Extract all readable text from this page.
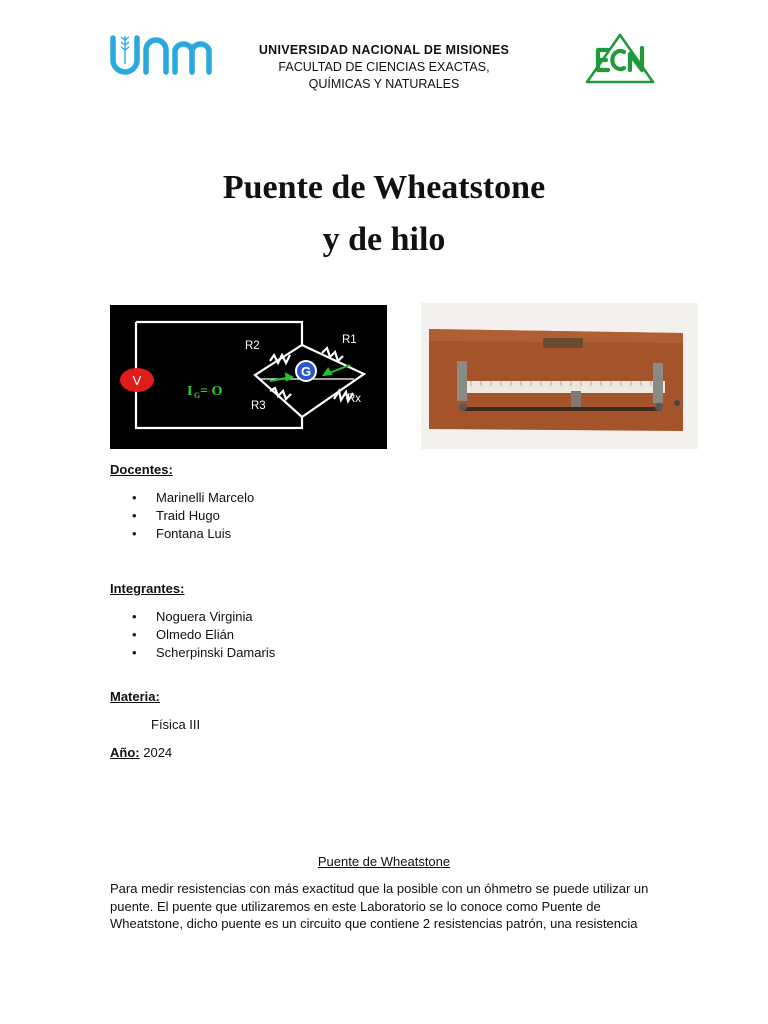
UNIVERSIDAD NACIONAL DE MISIONES
FACULTAD DE CIENCIAS EXACTAS,
QUÍMICAS Y NATURALES
Puente de Wheatstone
y de hilo
G
V
R2	R1
R3
Rx
I G = O
Docentes:
• Marinelli Marcelo
• Traid Hugo
• Fontana Luis
Integrantes:
• Noguera Virginia
• Olmedo Elián
• Scherpinski Damaris
Materia:
Física III
Año: 2024
Puente de Wheatstone
Para medir resistencias con más exactitud que la posible con un óhmetro se puede utilizar un puente. El puente que utilizaremos en este Laboratorio se lo conoce como Puente de Wheatstone, dicho puente es un circuito que contiene 2 resistencias patrón, una resistencia
